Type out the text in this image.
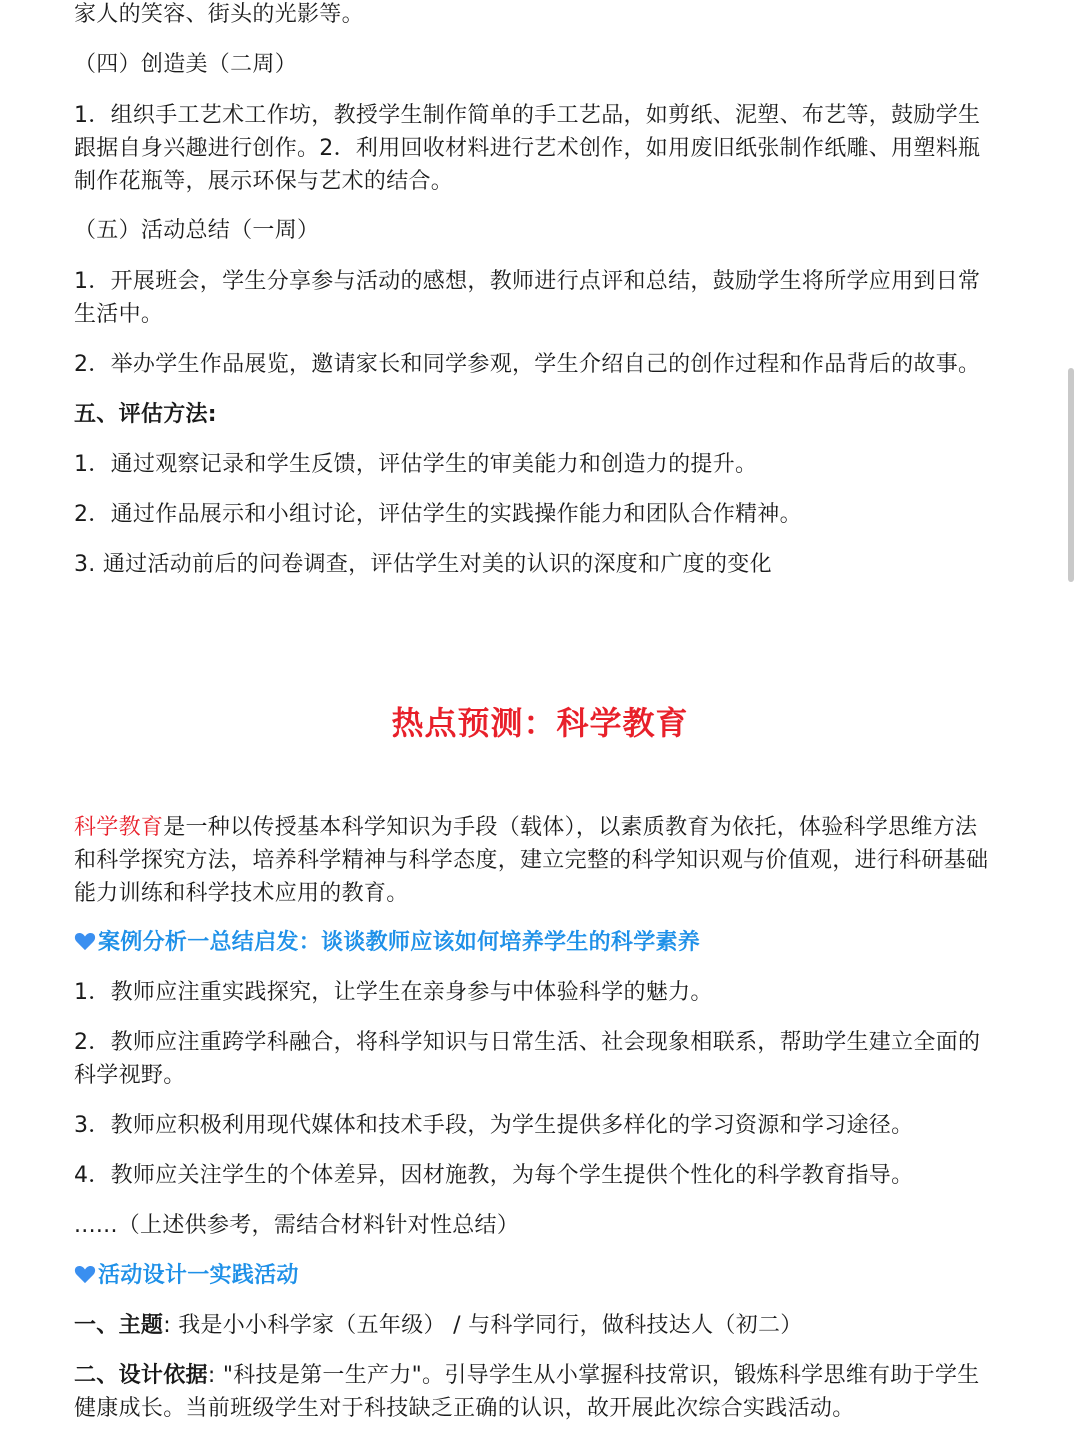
家人的笑容、街头的光影等。

（四）创造美（二周）

1．组织手工艺术工作坊，教授学生制作简单的手工艺品，如剪纸、泥塑、布艺等，鼓励学生跟据自身兴趣进行创作。2．利用回收材料进行艺术创作，如用废旧纸张制作纸雕、用塑料瓶制作花瓶等，展示环保与艺术的结合。

（五）活动总结（一周）

1．开展班会，学生分享参与活动的感想，教师进行点评和总结，鼓励学生将所学应用到日常生活中。

2．举办学生作品展览，邀请家长和同学参观，学生介绍自己的创作过程和作品背后的故事。

五、评估方法:

1．通过观察记录和学生反馈，评估学生的审美能力和创造力的提升。

2．通过作品展示和小组讨论，评估学生的实践操作能力和团队合作精神。

3. 通过活动前后的问卷调查，评估学生对美的认识的深度和广度的变化

热点预测：科学教育

科学教育是一种以传授基本科学知识为手段（载体），以素质教育为依托，体验科学思维方法和科学探究方法，培养科学精神与科学态度，建立完整的科学知识观与价值观，进行科研基础能力训练和科学技术应用的教育。

案例分析一总结启发：谈谈教师应该如何培养学生的科学素养

1．教师应注重实践探究，让学生在亲身参与中体验科学的魅力。

2．教师应注重跨学科融合，将科学知识与日常生活、社会现象相联系，帮助学生建立全面的科学视野。

3．教师应积极利用现代媒体和技术手段，为学生提供多样化的学习资源和学习途径。

4．教师应关注学生的个体差异，因材施教，为每个学生提供个性化的科学教育指导。

......（上述供参考，需结合材料针对性总结）

活动设计一实践活动

一、主题: 我是小小科学家（五年级） / 与科学同行，做科技达人（初二）

二、设计依据: "科技是第一生产力"。引导学生从小掌握科技常识，锻炼科学思维有助于学生健康成长。当前班级学生对于科技缺乏正确的认识，故开展此次综合实践活动。
